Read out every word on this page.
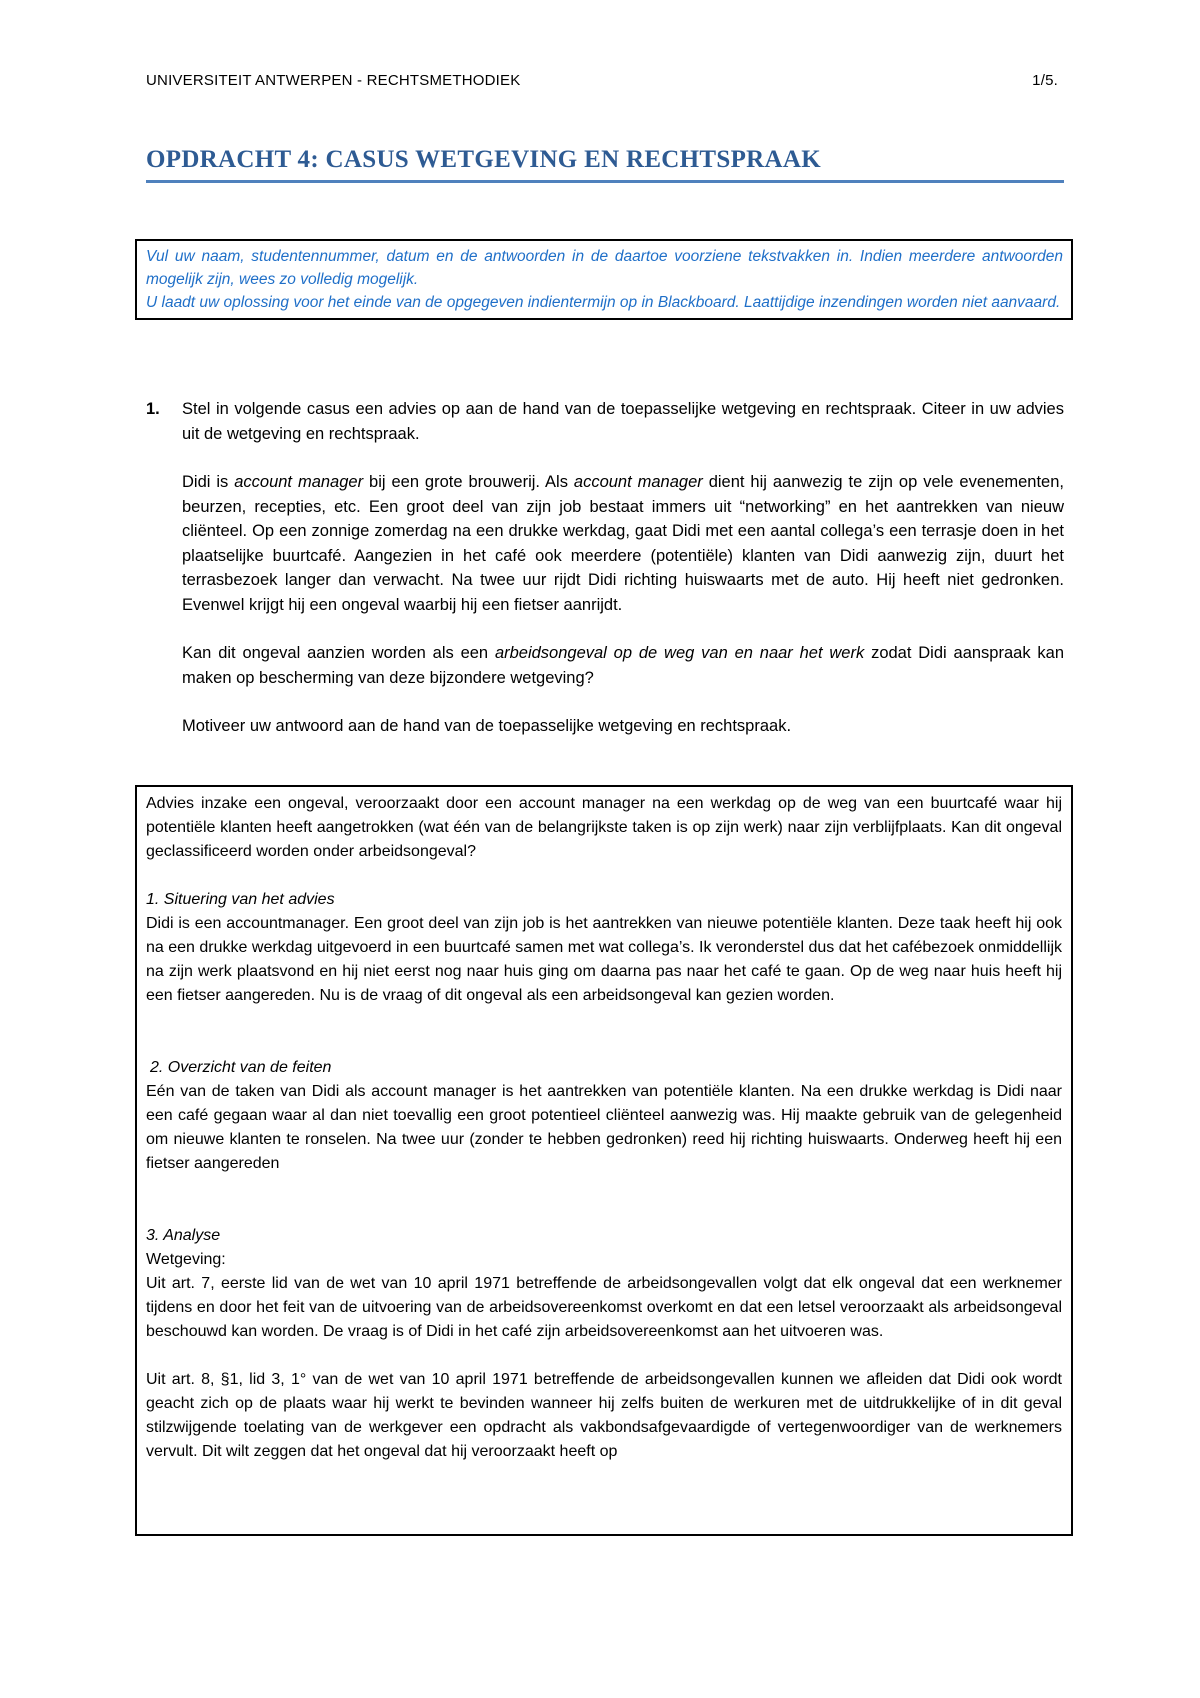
UNIVERSITEIT ANTWERPEN - RECHTSMETHODIEK	1/5.
OPDRACHT 4: CASUS WETGEVING EN RECHTSPRAAK
Vul uw naam, studentennummer, datum en de antwoorden in de daartoe voorziene tekstvakken in. Indien meerdere antwoorden mogelijk zijn, wees zo volledig mogelijk.
U laadt uw oplossing voor het einde van de opgegeven indientermijn op in Blackboard. Laattijdige inzendingen worden niet aanvaard.
1. Stel in volgende casus een advies op aan de hand van de toepasselijke wetgeving en rechtspraak. Citeer in uw advies uit de wetgeving en rechtspraak.

Didi is account manager bij een grote brouwerij. Als account manager dient hij aanwezig te zijn op vele evenementen, beurzen, recepties, etc. Een groot deel van zijn job bestaat immers uit “networking” en het aantrekken van nieuw cliënteel. Op een zonnige zomerdag na een drukke werkdag, gaat Didi met een aantal collega’s een terrasje doen in het plaatselijke buurtcafé. Aangezien in het café ook meerdere (potentiële) klanten van Didi aanwezig zijn, duurt het terrasbezoek langer dan verwacht. Na twee uur rijdt Didi richting huiswaarts met de auto. Hij heeft niet gedronken. Evenwel krijgt hij een ongeval waarbij hij een fietser aanrijdt.

Kan dit ongeval aanzien worden als een arbeidsongeval op de weg van en naar het werk zodat Didi aanspraak kan maken op bescherming van deze bijzondere wetgeving?

Motiveer uw antwoord aan de hand van de toepasselijke wetgeving en rechtspraak.

Advies inzake een ongeval, veroorzaakt door een account manager na een werkdag op de weg van een buurtcafé waar hij potentiële klanten heeft aangetrokken (wat één van de belangrijkste taken is op zijn werk) naar zijn verblijfplaats. Kan dit ongeval geclassificeerd worden onder arbeidsongeval?

1. Situering van het advies

Didi is een accountmanager. Een groot deel van zijn job is het aantrekken van nieuwe potentiële klanten. Deze taak heeft hij ook na een drukke werkdag uitgevoerd in een buurtcafé samen met wat collega’s. Ik veronderstel dus dat het cafébezoek onmiddellijk na zijn werk plaatsvond en hij niet eerst nog naar huis ging om daarna pas naar het café te gaan. Op de weg naar huis heeft hij een fietser aangereden. Nu is de vraag of dit ongeval als een arbeidsongeval kan gezien worden.

2. Overzicht van de feiten

Eén van de taken van Didi als account manager is het aantrekken van potentiële klanten. Na een drukke werkdag is Didi naar een café gegaan waar al dan niet toevallig een groot potentieel cliënteel aanwezig was. Hij maakte gebruik van de gelegenheid om nieuwe klanten te ronselen. Na twee uur (zonder te hebben gedronken) reed hij richting huiswaarts. Onderweg heeft hij een fietser aangereden

3. Analyse

Wetgeving:

Uit art. 7, eerste lid van de wet van 10 april 1971 betreffende de arbeidsongevallen volgt dat elk ongeval dat een werknemer tijdens en door het feit van de uitvoering van de arbeidsovereenkomst overkomt en dat een letsel veroorzaakt als arbeidsongeval beschouwd kan worden. De vraag is of Didi in het café zijn arbeidsovereenkomst aan het uitvoeren was.

Uit art. 8, §1, lid 3, 1° van de wet van 10 april 1971 betreffende de arbeidsongevallen kunnen we afleiden dat Didi ook wordt geacht zich op de plaats waar hij werkt te bevinden wanneer hij zelfs buiten de werkuren met de uitdrukkelijke of in dit geval stilzwijgende toelating van de werkgever een opdracht als vakbondsafgevaardigde of vertegenwoordiger van de werknemers vervult. Dit wilt zeggen dat het ongeval dat hij veroorzaakt heeft op
